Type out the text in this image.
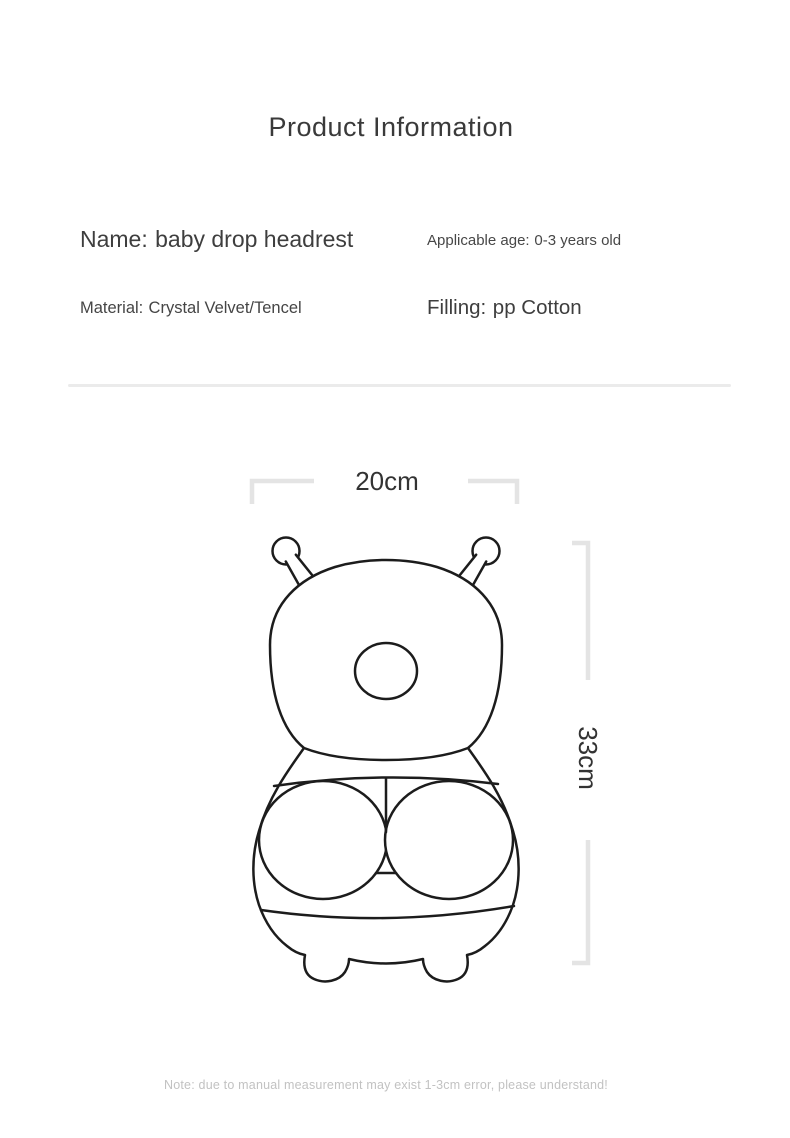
Product Information
Name: baby drop headrest	Applicable age: 0-3 years old
Material: Crystal Velvet/Tencel	Filling: pp Cotton
20cm
33cm
Note: due to manual measurement may exist 1-3cm error, please understand!
